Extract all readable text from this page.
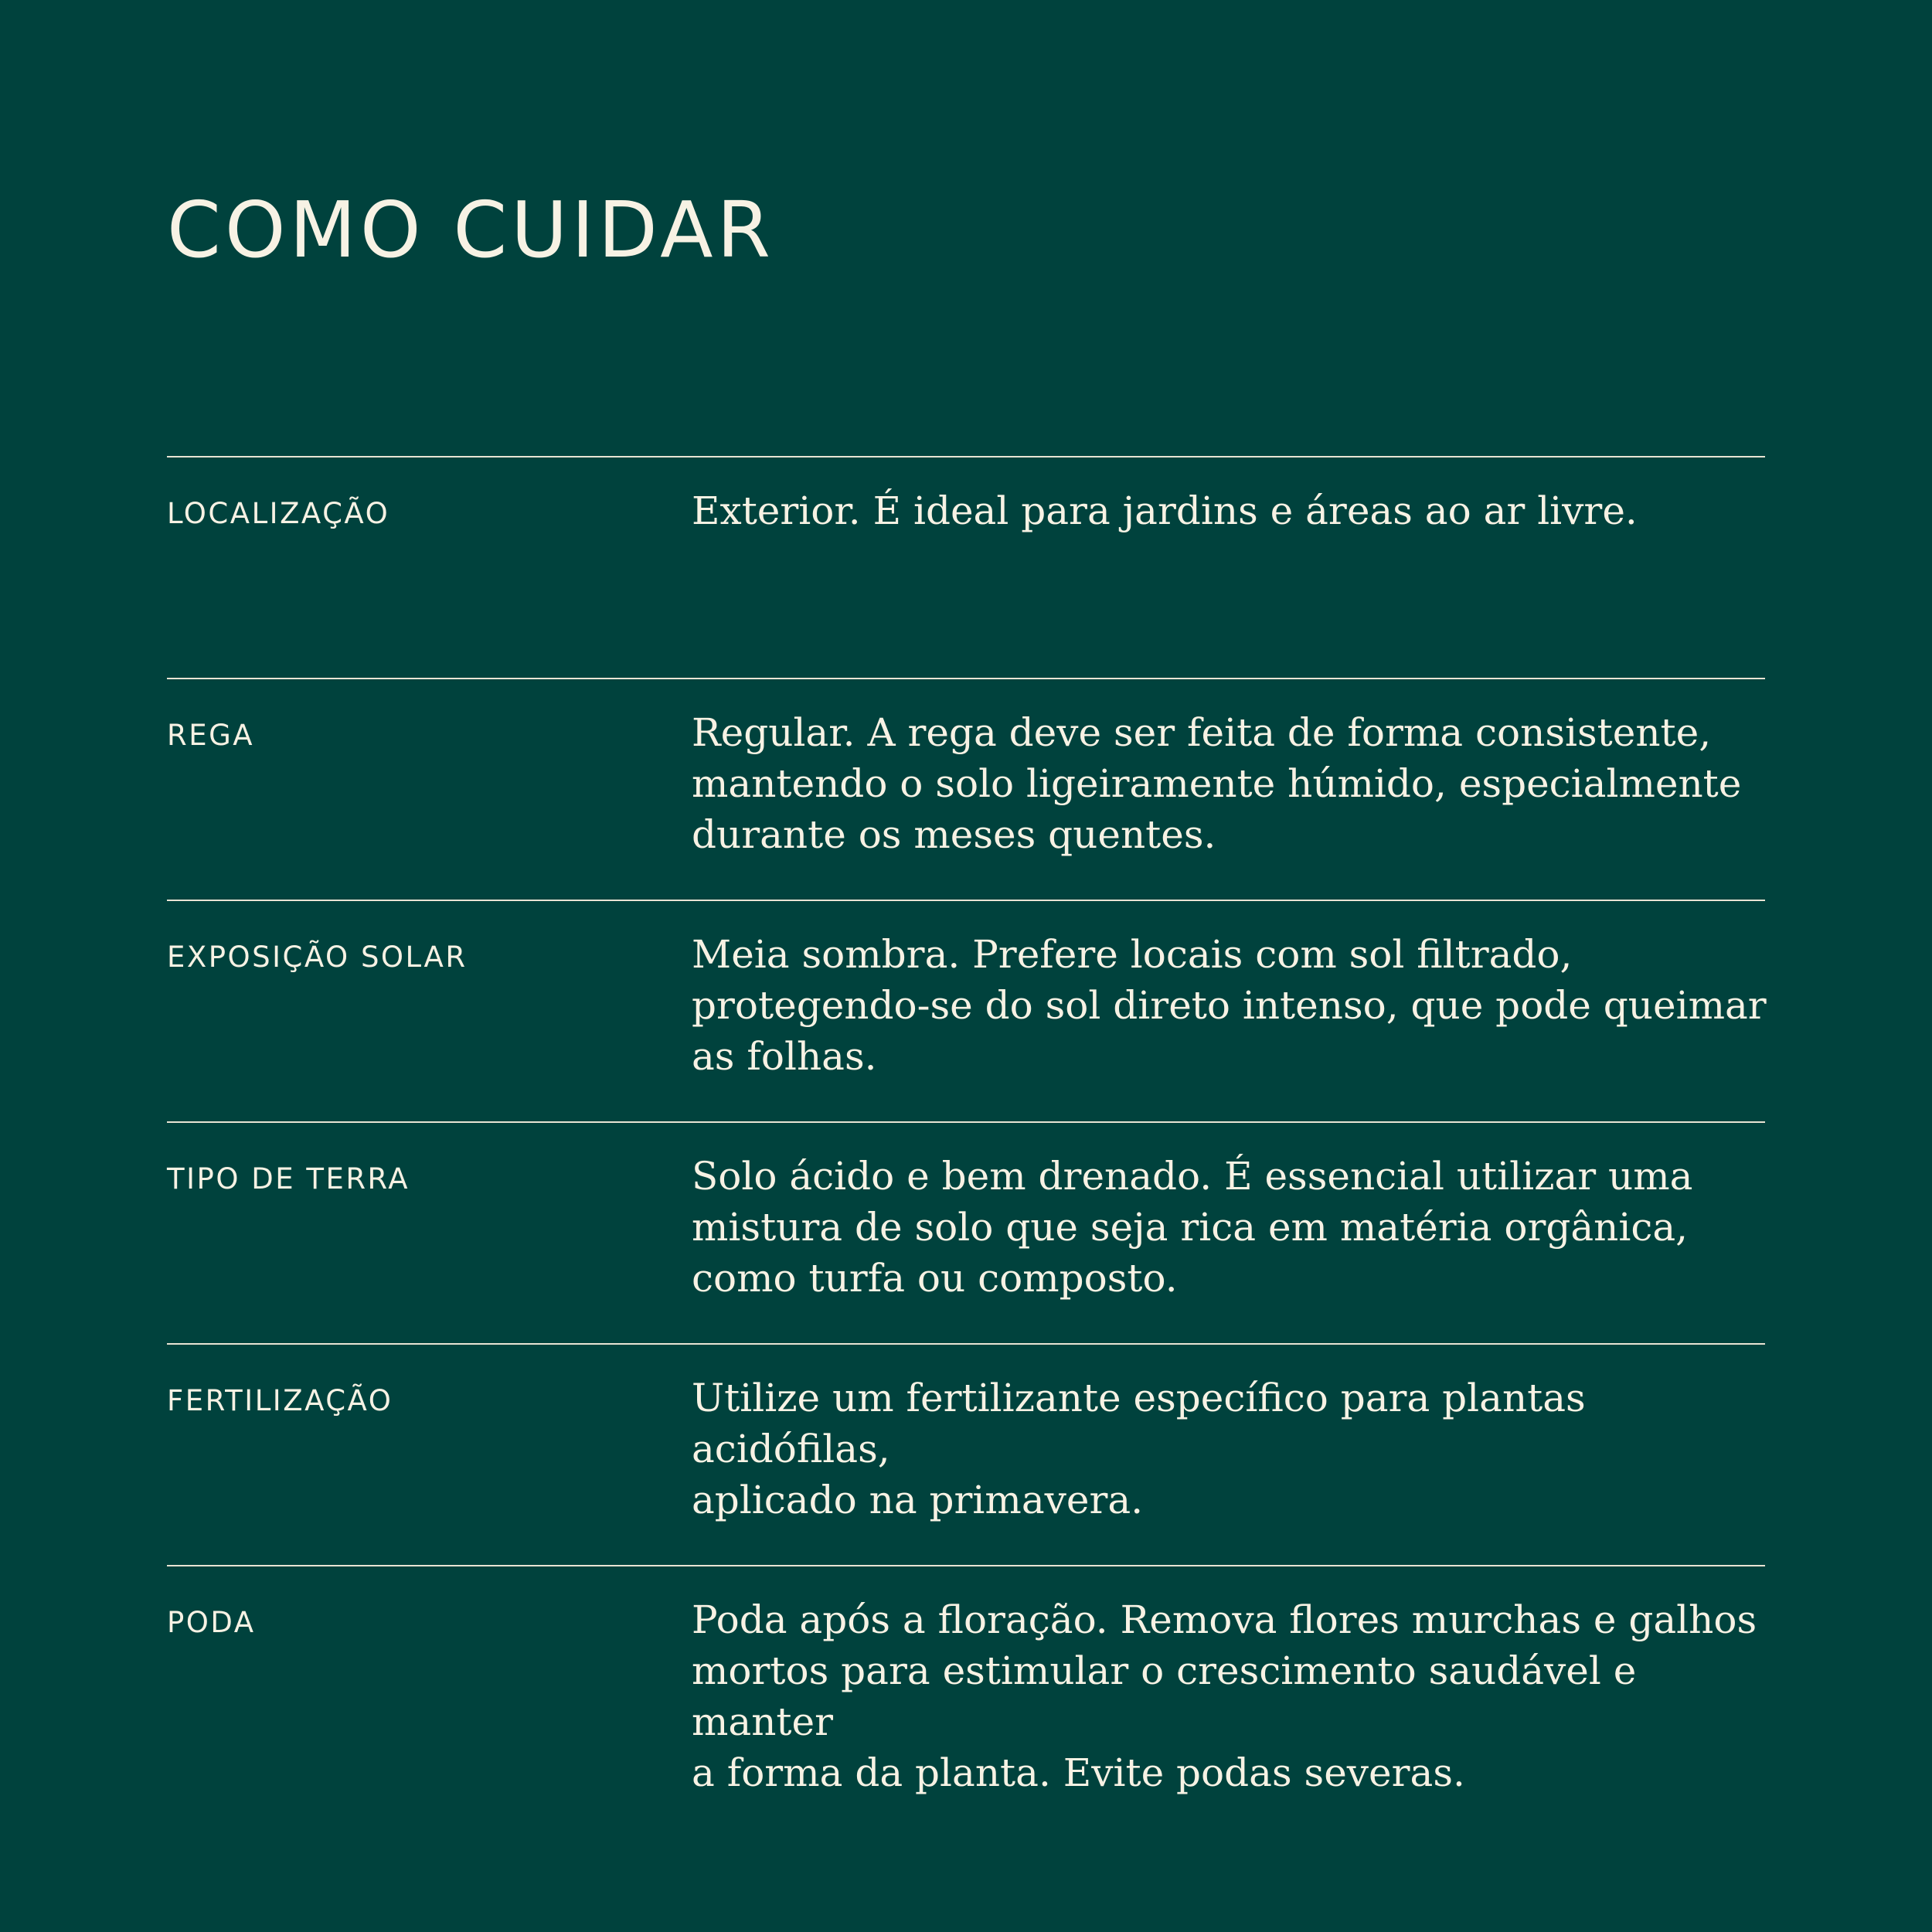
COMO CUIDAR
LOCALIZAÇÃO	Exterior. É ideal para jardins e áreas ao ar livre.

REGA	Regular. A rega deve ser feita de forma consistente,
mantendo o solo ligeiramente húmido, especialmente
durante os meses quentes.

EXPOSIÇÃO SOLAR	Meia sombra. Prefere locais com sol filtrado,
protegendo-se do sol direto intenso, que pode queimar
as folhas.

TIPO DE TERRA	Solo ácido e bem drenado. É essencial utilizar uma
mistura de solo que seja rica em matéria orgânica,
como turfa ou composto.

FERTILIZAÇÃO	Utilize um fertilizante específico para plantas acidófilas,
aplicado na primavera.

PODA	Poda após a floração. Remova flores murchas e galhos
mortos para estimular o crescimento saudável e manter
a forma da planta. Evite podas severas.
